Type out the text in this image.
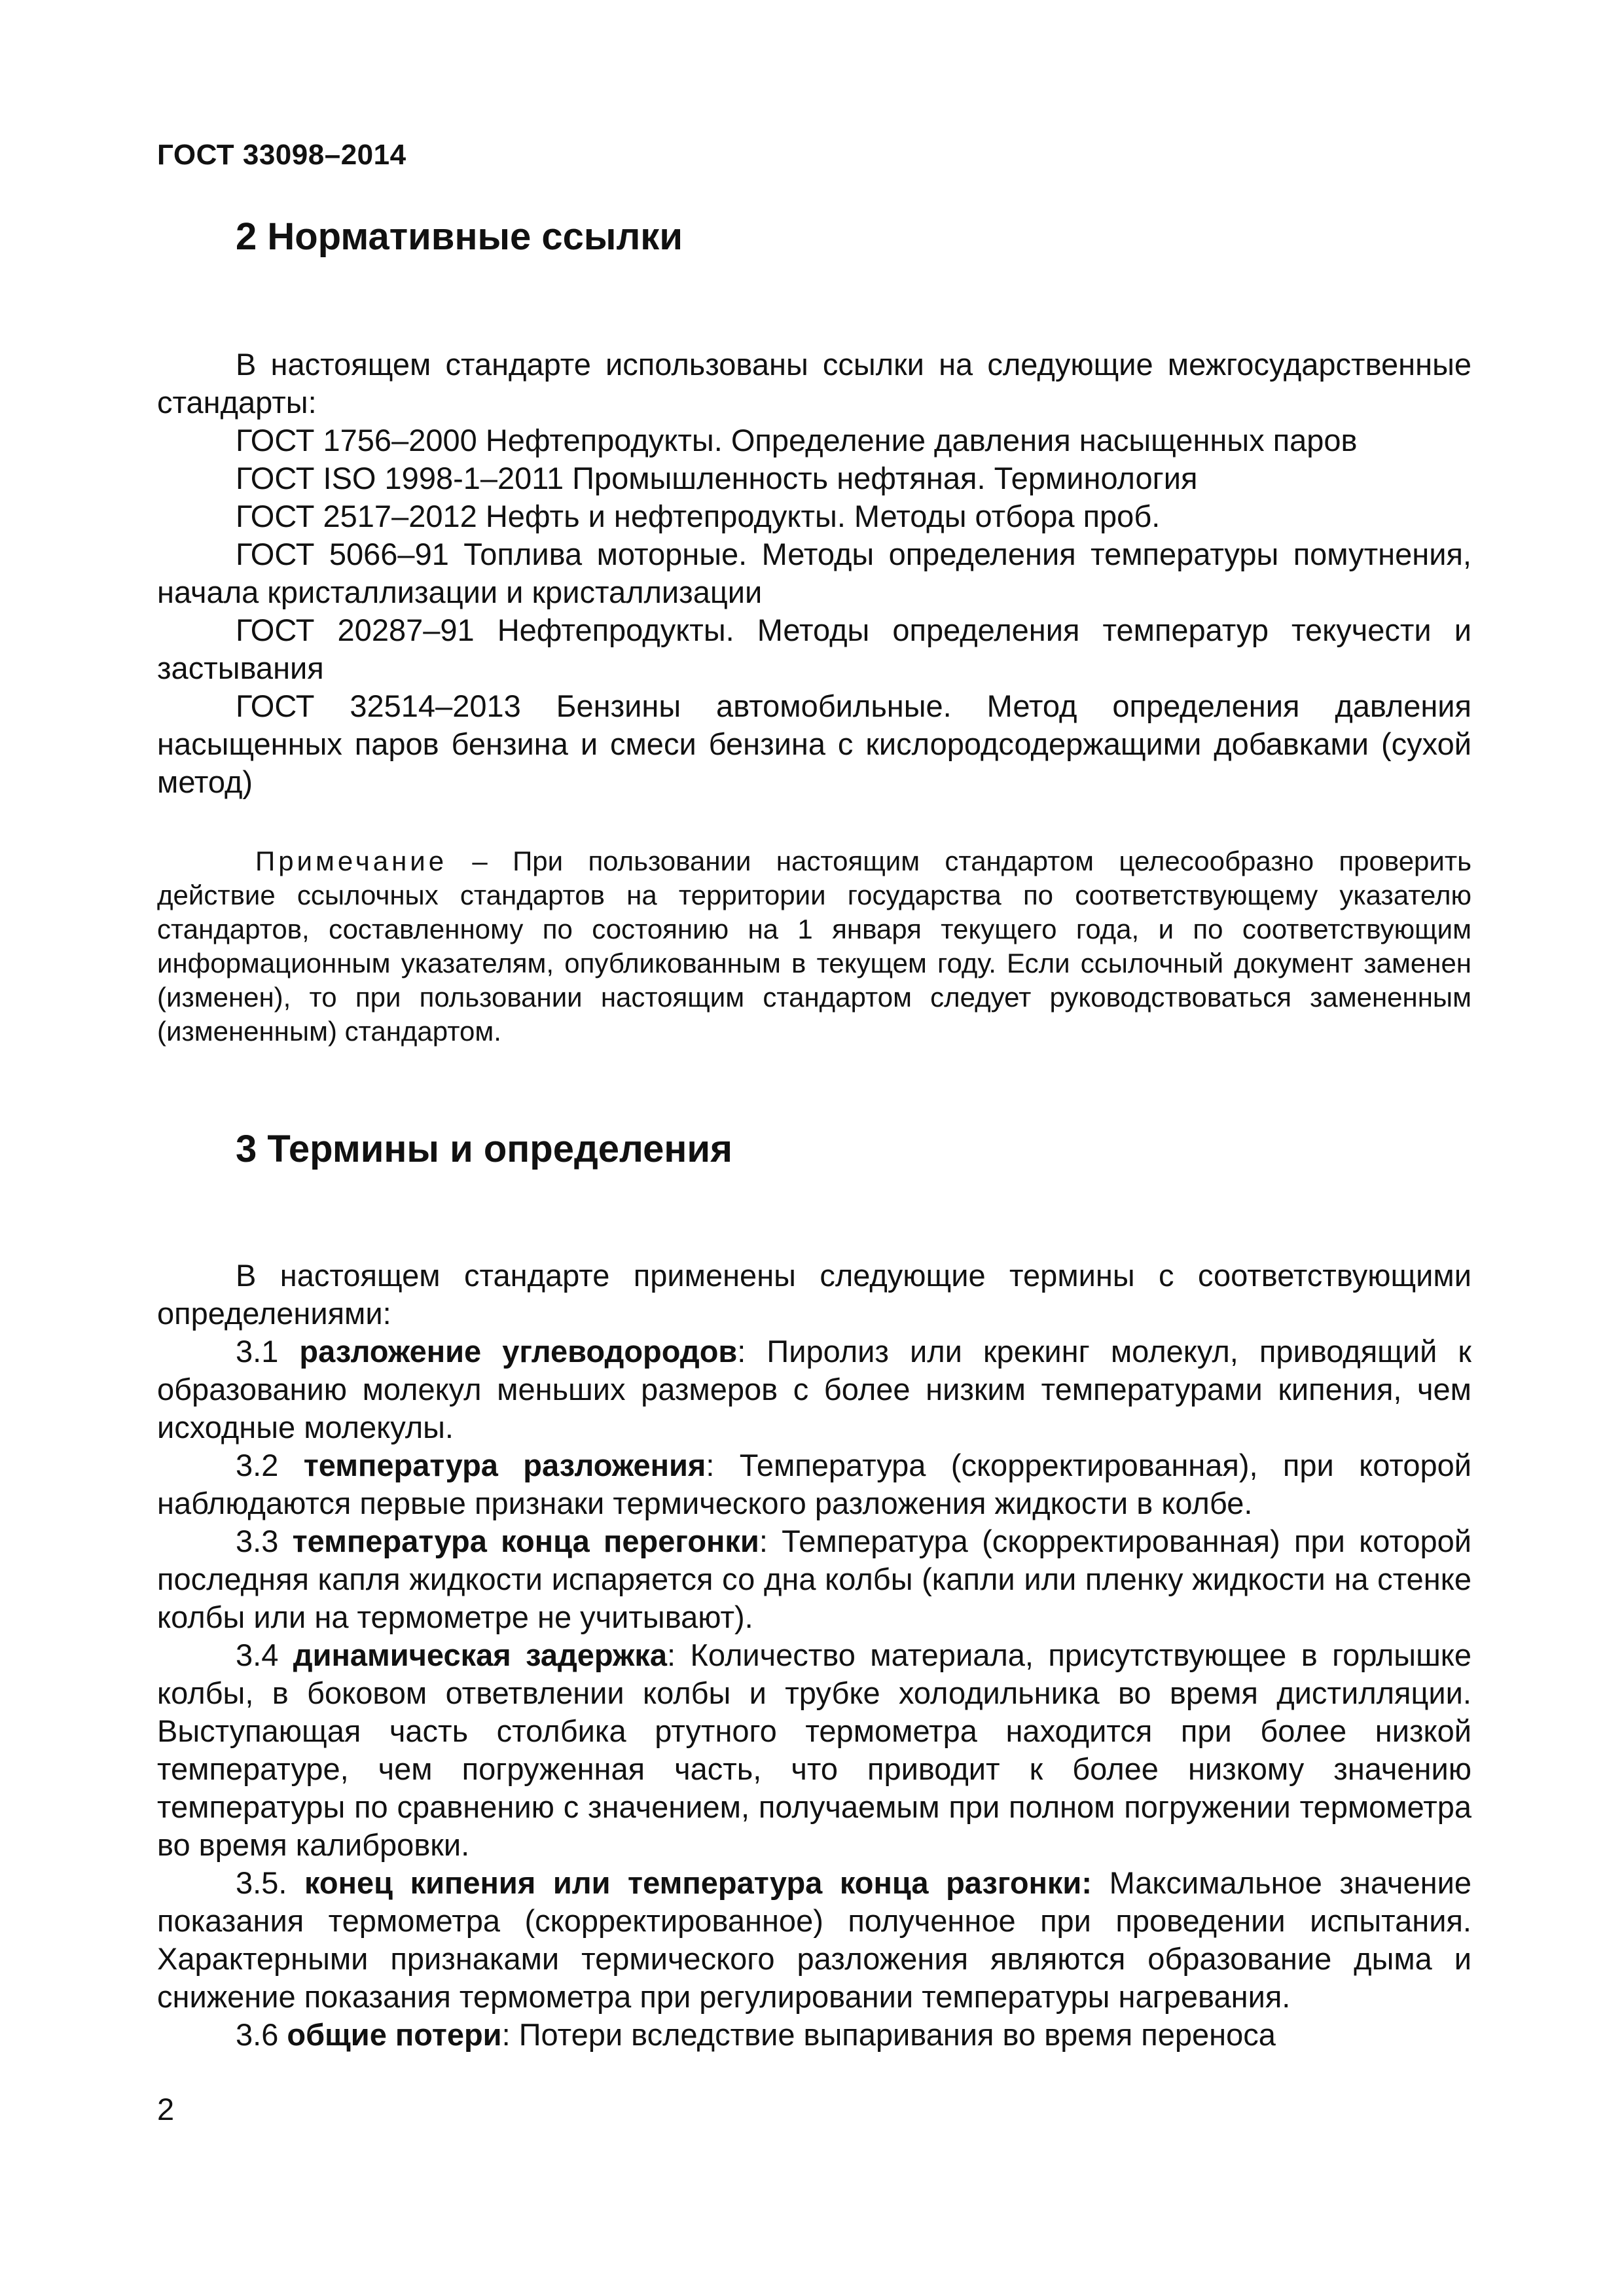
ГОСТ 33098–2014
2 Нормативные ссылки

В настоящем стандарте использованы ссылки на следующие межгосударственные стандарты:

ГОСТ 1756–2000 Нефтепродукты. Определение давления насыщенных паров

ГОСТ ISO 1998-1–2011 Промышленность нефтяная. Терминология

ГОСТ 2517–2012 Нефть и нефтепродукты. Методы отбора проб.

ГОСТ 5066–91 Топлива моторные. Методы определения температуры помутнения, начала кристаллизации и кристаллизации

ГОСТ 20287–91 Нефтепродукты. Методы определения температур текучести и застывания

ГОСТ 32514–2013 Бензины автомобильные. Метод определения давления насыщенных паров бензина и смеси бензина с кислородсодержащими добавками (сухой метод)

Примечание – При пользовании настоящим стандартом целесообразно проверить действие ссылочных стандартов на территории государства по соответствующему указателю стандартов, составленному по состоянию на 1 января текущего года, и по соответствующим информационным указателям, опубликованным в текущем году. Если ссылочный документ заменен (изменен), то при пользовании настоящим стандартом следует руководствоваться замененным (измененным) стандартом.
3 Термины и определения

В настоящем стандарте применены следующие термины с соответствующими определениями:

3.1 разложение углеводородов: Пиролиз или крекинг молекул, приводящий к образованию молекул меньших размеров с более низким температурами кипения, чем исходные молекулы.

3.2 температура разложения: Температура (скорректированная), при которой наблюдаются первые признаки термического разложения жидкости в колбе.

3.3 температура конца перегонки: Температура (скорректированная) при которой последняя капля жидкости испаряется со дна колбы (капли или пленку жидкости на стенке колбы или на термометре не учитывают).

3.4 динамическая задержка: Количество материала, присутствующее в горлышке колбы, в боковом ответвлении колбы и трубке холодильника во время дистилляции. Выступающая часть столбика ртутного термометра находится при более низкой температуре, чем погруженная часть, что приводит к более низкому значению температуры по сравнению с значением, получаемым при полном погружении термометра во время калибровки.

3.5. конец кипения или температура конца разгонки: Максимальное значение показания термометра (скорректированное) полученное при проведении испытания. Характерными признаками термического разложения являются образование дыма и снижение показания термометра при регулировании температуры нагревания.

3.6 общие потери: Потери вследствие выпаривания во время переноса

2
